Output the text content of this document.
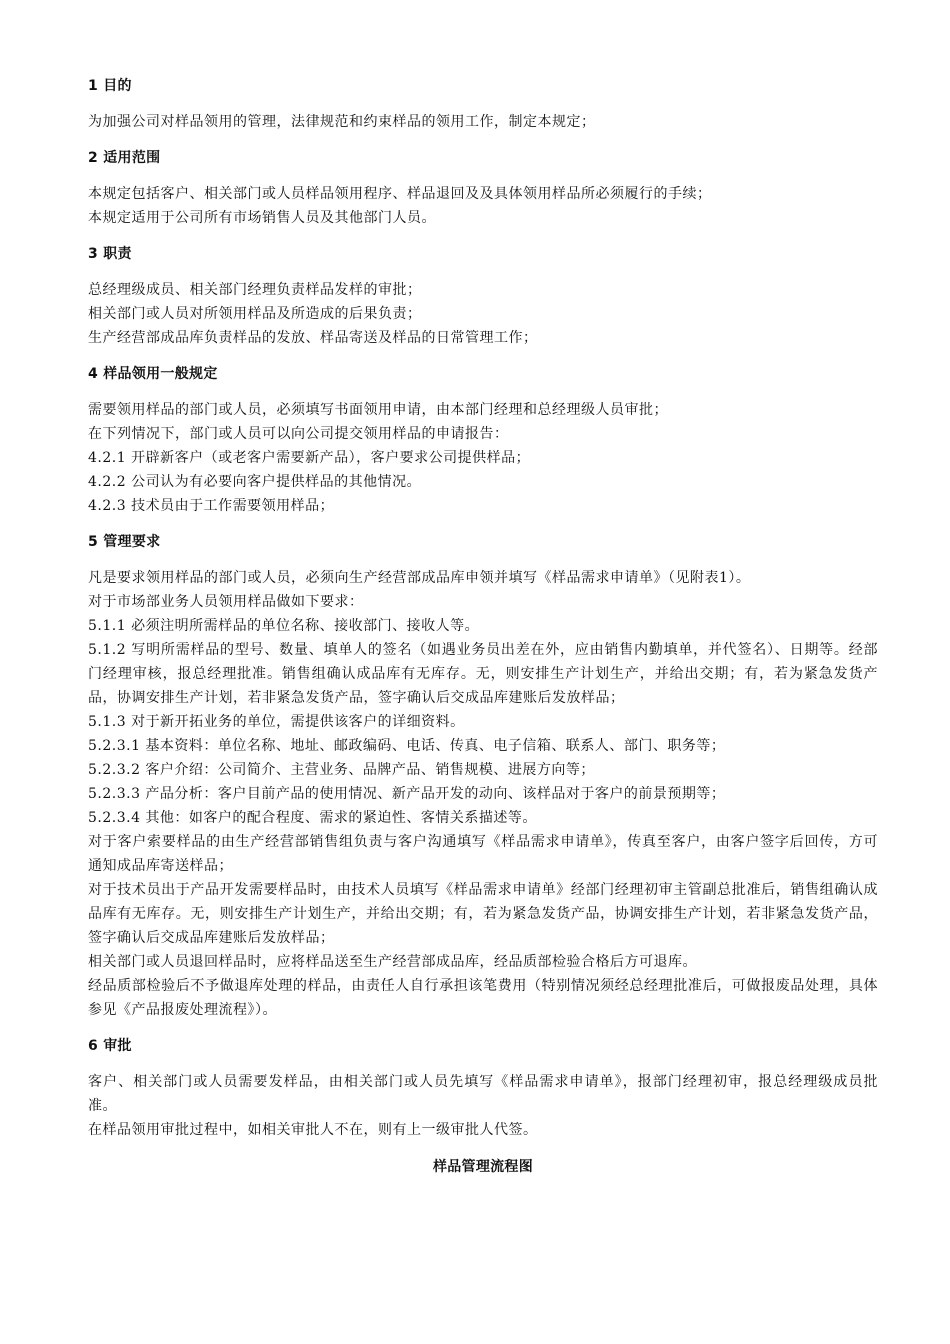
1 目的

为加强公司对样品领用的管理，法律规范和约束样品的领用工作，制定本规定；

2 适用范围

本规定包括客户、相关部门或人员样品领用程序、样品退回及及具体领用样品所必须履行的手续；

本规定适用于公司所有市场销售人员及其他部门人员。

3 职责

总经理级成员、相关部门经理负责样品发样的审批；

相关部门或人员对所领用样品及所造成的后果负责；

生产经营部成品库负责样品的发放、样品寄送及样品的日常管理工作；

4 样品领用一般规定

需要领用样品的部门或人员，必须填写书面领用申请，由本部门经理和总经理级人员审批；

在下列情况下，部门或人员可以向公司提交领用样品的申请报告：

4.2.1 开辟新客户（或老客户需要新产品），客户要求公司提供样品；

4.2.2 公司认为有必要向客户提供样品的其他情况。

4.2.3 技术员由于工作需要领用样品；

5 管理要求

凡是要求领用样品的部门或人员，必须向生产经营部成品库申领并填写《样品需求申请单》（见附表1）。

对于市场部业务人员领用样品做如下要求：

5.1.1 必须注明所需样品的单位名称、接收部门、接收人等。

5.1.2 写明所需样品的型号、数量、填单人的签名（如遇业务员出差在外，应由销售内勤填单，并代签名）、日期等。经部门经理审核，报总经理批准。销售组确认成品库有无库存。无，则安排生产计划生产，并给出交期；有，若为紧急发货产品，协调安排生产计划，若非紧急发货产品，签字确认后交成品库建账后发放样品；

5.1.3 对于新开拓业务的单位，需提供该客户的详细资料。

5.2.3.1 基本资料：单位名称、地址、邮政编码、电话、传真、电子信箱、联系人、部门、职务等；

5.2.3.2 客户介绍：公司简介、主营业务、品牌产品、销售规模、进展方向等；

5.2.3.3 产品分析：客户目前产品的使用情况、新产品开发的动向、该样品对于客户的前景预期等；

5.2.3.4 其他：如客户的配合程度、需求的紧迫性、客情关系描述等。

对于客户索要样品的由生产经营部销售组负责与客户沟通填写《样品需求申请单》，传真至客户，由客户签字后回传，方可通知成品库寄送样品；

对于技术员出于产品开发需要样品时，由技术人员填写《样品需求申请单》经部门经理初审主管副总批准后，销售组确认成品库有无库存。无，则安排生产计划生产，并给出交期；有，若为紧急发货产品，协调安排生产计划，若非紧急发货产品，签字确认后交成品库建账后发放样品；

相关部门或人员退回样品时，应将样品送至生产经营部成品库，经品质部检验合格后方可退库。

经品质部检验后不予做退库处理的样品，由责任人自行承担该笔费用（特别情况须经总经理批准后，可做报废品处理，具体参见《产品报废处理流程》）。

6 审批

客户、相关部门或人员需要发样品，由相关部门或人员先填写《样品需求申请单》，报部门经理初审，报总经理级成员批准。

在样品领用审批过程中，如相关审批人不在，则有上一级审批人代签。

样品管理流程图
